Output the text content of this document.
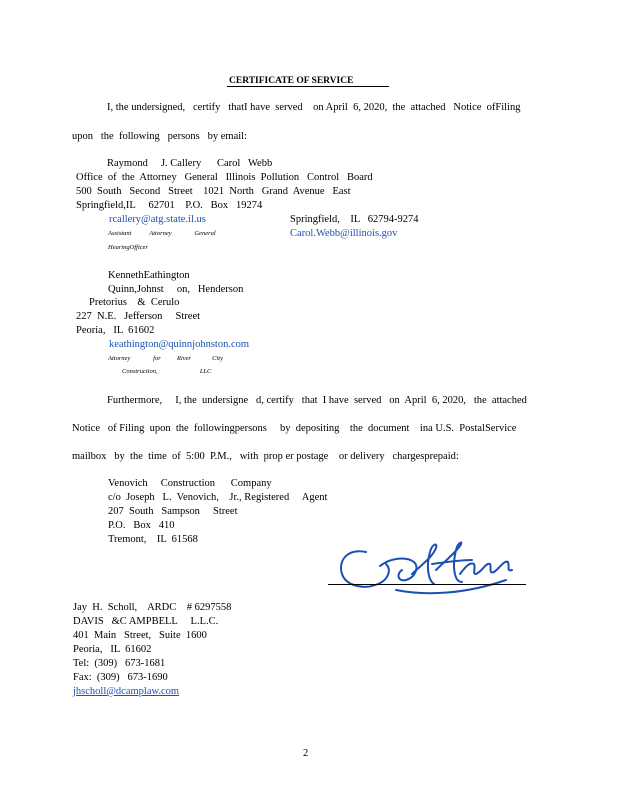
CERTIFICATE OF SERVICE
I, the undersigned,   certify   thatI have  served    on April  6, 2020,  the  attached   Notice  ofFiling
upon   the  following   persons   by email:
Raymond     J. Callery      Carol   Webb
Office  of  the  Attorney   General   Illinois  Pollution   Control   Board
500  South   Second   Street    1021  North   Grand  Avenue   East
Springfield,IL     62701    P.O.   Box   19274
rcallery@atg.state.il.us	Springfield,    IL   62794-9274
Carol.Webb@illinois.gov
Assistant           Attorney              General
HearingOfficer
KennethEathington
Quinn,Johnst     on,   Henderson
Pretorius    &  Cerulo
227  N.E.   Jefferson     Street
Peoria,   IL  61602
keathington@quinnjohnston.com
Attorney              for          River             City
Construction,                          LLC
Furthermore,     I, the  undersigne   d, certify   that  I have  served   on  April  6, 2020,   the  attached
Notice   of Filing  upon  the  followingpersons     by  depositing    the  document    ina U.S.  PostalService
mailbox   by  the  time  of  5:00  P.M.,   with  prop er postage    or delivery   chargesprepaid:
Venovich     Construction      Company
c/o  Joseph   L.  Venovich,    Jr., Registered     Agent
207  South   Sampson     Street
P.O.   Box   410
Tremont,    IL  61568
Jay  H.  Scholl,    ARDC    # 6297558
DAVIS   &C AMPBELL     L.L.C.
401  Main   Street,   Suite  1600
Peoria,   IL  61602
Tel:  (309)   673-1681
Fax:  (309)   673-1690
jhscholl@dcamplaw.com
2
